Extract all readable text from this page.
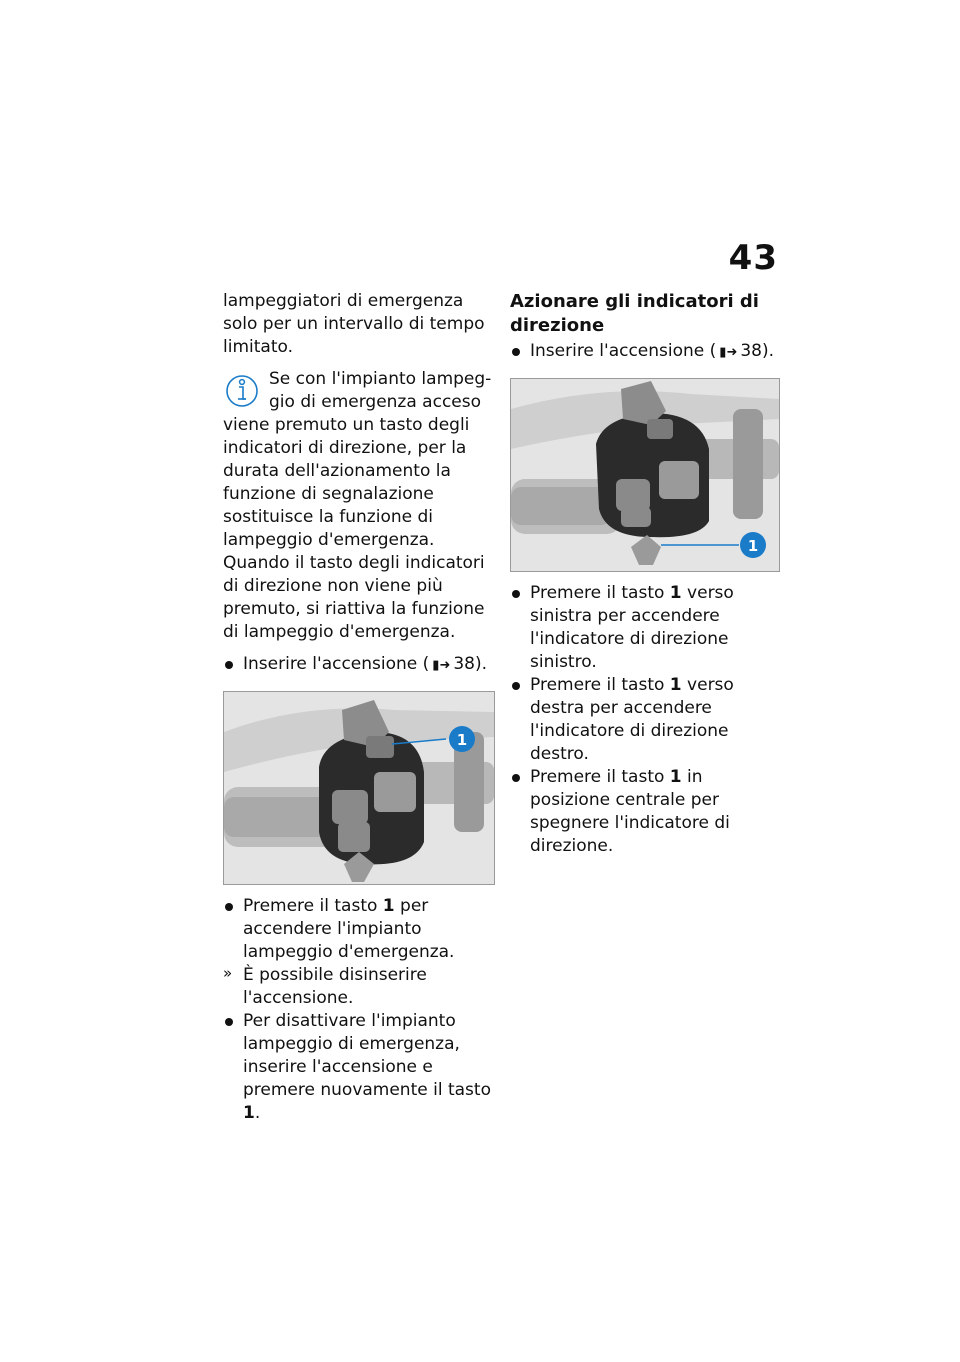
43

lampeggiatori di emergenza solo per un intervallo di tempo limitato.

Se con l'impianto lampeg-

gio di emergenza acceso

viene premuto un tasto degli indicatori di direzione, per la durata dell'azionamento la funzione di segnalazione sostituisce la funzione di lampeggio d'emergenza. Quando il tasto degli indicatori di direzione non viene più premuto, si riattiva la funzione di lampeggio d'emergenza.

Inserire l'accensione ( ▮➜ 38).
1
Premere il tasto 1 per accendere l'impianto lampeggio d'emergenza.
» È possibile disinserire l'accensione.
Per disattivare l'impianto lampeggio di emergenza, inserire l'accensione e premere nuovamente il tasto 1.

Azionare gli indicatori di direzione

Inserire l'accensione ( ▮➜ 38).
1
Premere il tasto 1 verso sinistra per accendere l'indicatore di direzione sinistro.
Premere il tasto 1 verso destra per accendere l'indicatore di direzione destro.
Premere il tasto 1 in posizione centrale per spegnere l'indicatore di direzione.
